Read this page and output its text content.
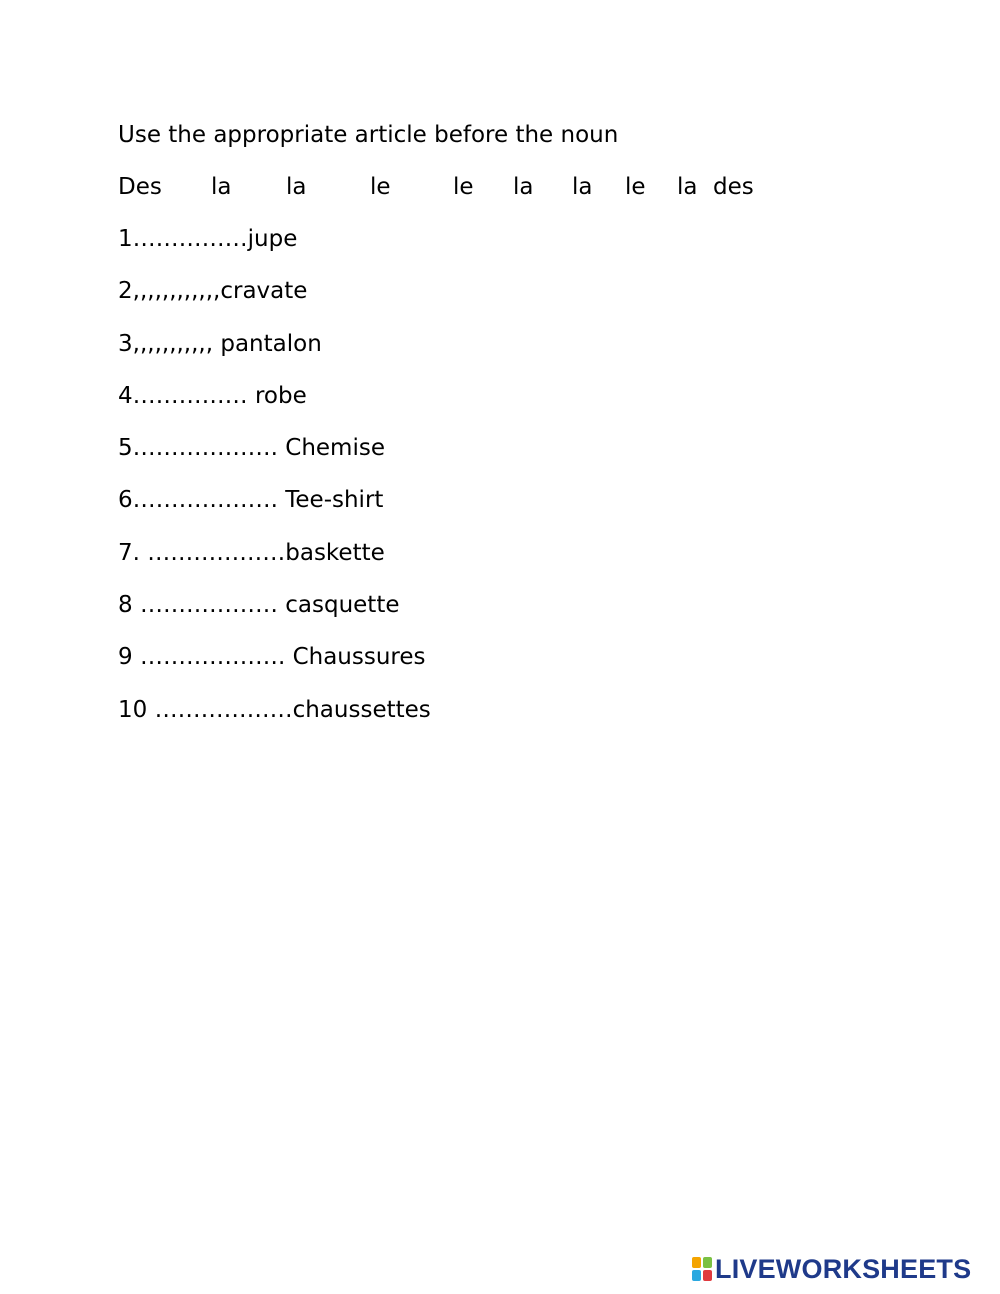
Use the appropriate article before the noun

Des la la	le	le la la le la des

1……………jupe

2,,,,,,,,,,,,cravate

3,,,,,,,,,,, pantalon

4…………… robe

5………………. Chemise

6………………. Tee-shirt

7. ………………baskette

8 ……………… casquette

9 ………………. Chaussures

10 ………………chaussettes

LIVEWORKSHEETS
